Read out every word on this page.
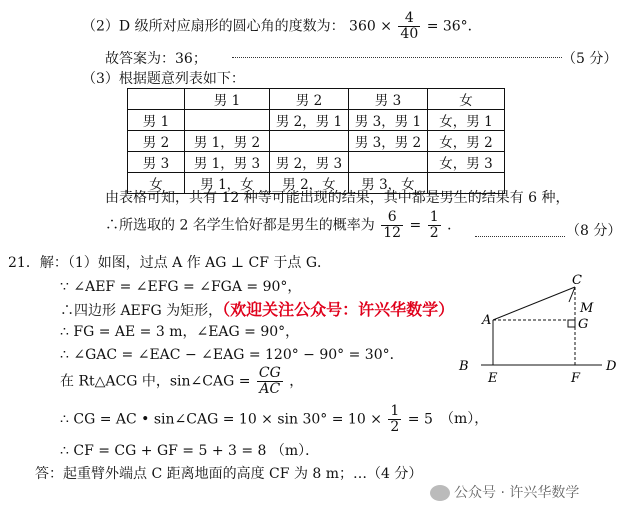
（2）D 级所对应扇形的圆心角的度数为： $360 \times \frac{4}{40} = 36^\circ$．
故答案为：36；	（5 分）
（3）根据题意列表如下：
	男 1	男 2	男 3	女
男 1		男 2，男 1	男 3，男 1	女，男 1
男 2	男 1，男 2		男 3，男 2	女，男 2
男 3	男 1，男 3	男 2，男 3		女，男 3
女	男 1，女	男 2，女	男 3，女	
由表格可知，共有 12 种等可能出现的结果，其中都是男生的结果有 6 种，
∴所选取的 2 名学生恰好都是男生的概率为 $\frac{6}{12} = \frac{1}{2}$ ．	（8 分）
21．解：（1）如图，过点 A 作 AG ⊥ CF 于点 G．
∵ ∠AEF = ∠EFG = ∠FGA = 90°，
∴四边形 AEFG 为矩形，（欢迎关注公众号：许兴华数学）
∴ FG = AE = 3 m，∠EAG = 90°，
∴ ∠GAC = ∠EAC − ∠EAG = 120° − 90° = 30°．
在 Rt△ACG 中，sin∠CAG = $\frac{CG}{AC}$ ，
∴ CG = AC • sin∠CAG = $10 \times \sin 30^\circ = 10 \times \frac{1}{2} = 5$ （m），
∴ CF = CG + GF = 5 + 3 = 8 （m）．
答：起重臂外端点 C 距离地面的高度 CF 为 8 m；…（4 分）
C
M
G
A
B
E	F
D
公众号 · 许兴华数学
